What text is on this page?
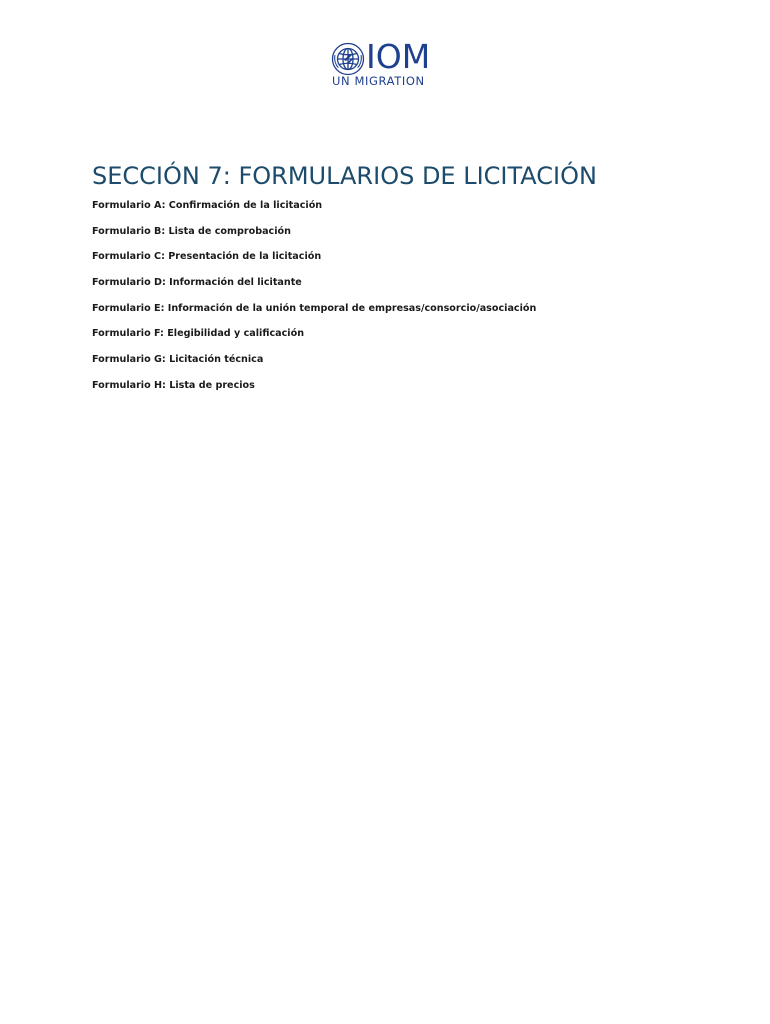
IOM
UN MIGRATION
SECCIÓN 7: FORMULARIOS DE LICITACIÓN
Formulario A: Confirmación de la licitación
Formulario B: Lista de comprobación
Formulario C: Presentación de la licitación
Formulario D: Información del licitante
Formulario E: Información de la unión temporal de empresas/consorcio/asociación
Formulario F: Elegibilidad y calificación
Formulario G: Licitación técnica
Formulario H: Lista de precios
